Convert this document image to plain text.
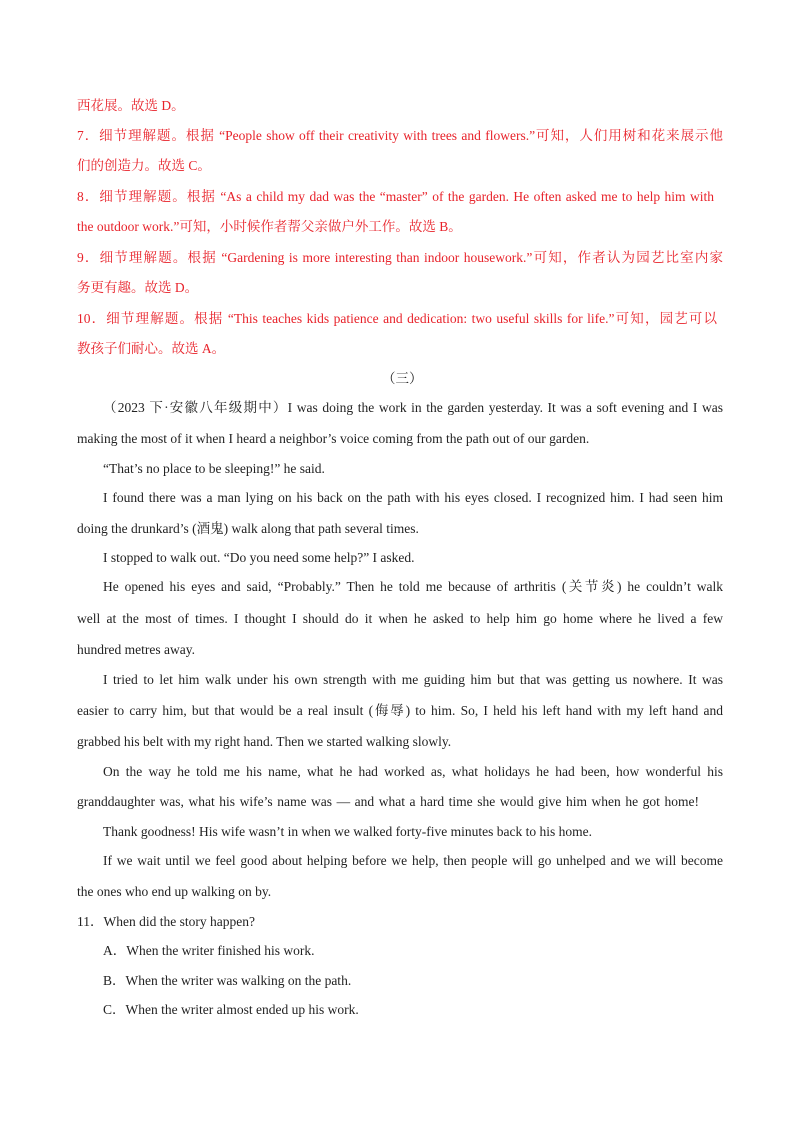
西花展。故选 D。
7．细节理解题。根据 “People show off their creativity with trees and flowers.”可知，人们用树和花来展示他
们的创造力。故选 C。
8．细节理解题。根据 “As a child my dad was the “master” of the garden. He often asked me to help him with
the outdoor work.”可知，小时候作者帮父亲做户外工作。故选 B。
9．细节理解题。根据 “Gardening is more interesting than indoor housework.”可知，作者认为园艺比室内家
务更有趣。故选 D。
10．细节理解题。根据 “This teaches kids patience and dedication: two useful skills for life.”可知，园艺可以
教孩子们耐心。故选 A。
（三）
（2023 下·安徽八年级期中）I was doing the work in the garden yesterday. It was a soft evening and I was
making the most of it when I heard a neighbor’s voice coming from the path out of our garden.
“That’s no place to be sleeping!” he said.
I found there was a man lying on his back on the path with his eyes closed. I recognized him. I had seen him
doing the drunkard’s (酒鬼) walk along that path several times.
I stopped to walk out. “Do you need some help?” I asked.
He opened his eyes and said, “Probably.” Then he told me because of arthritis (关节炎) he couldn’t walk
well at the most of times. I thought I should do it when he asked to help him go home where he lived a few
hundred metres away.
I tried to let him walk under his own strength with me guiding him but that was getting us nowhere. It was
easier to carry him, but that would be a real insult (侮辱) to him. So, I held his left hand with my left hand and
grabbed his belt with my right hand. Then we started walking slowly.
On the way he told me his name, what he had worked as, what holidays he had been, how wonderful his
granddaughter was, what his wife’s name was — and what a hard time she would give him when he got home!
Thank goodness! His wife wasn’t in when we walked forty-five minutes back to his home.
If we wait until we feel good about helping before we help, then people will go unhelped and we will become
the ones who end up walking on by.
11．When did the story happen?
A．When the writer finished his work.
B．When the writer was walking on the path.
C．When the writer almost ended up his work.
